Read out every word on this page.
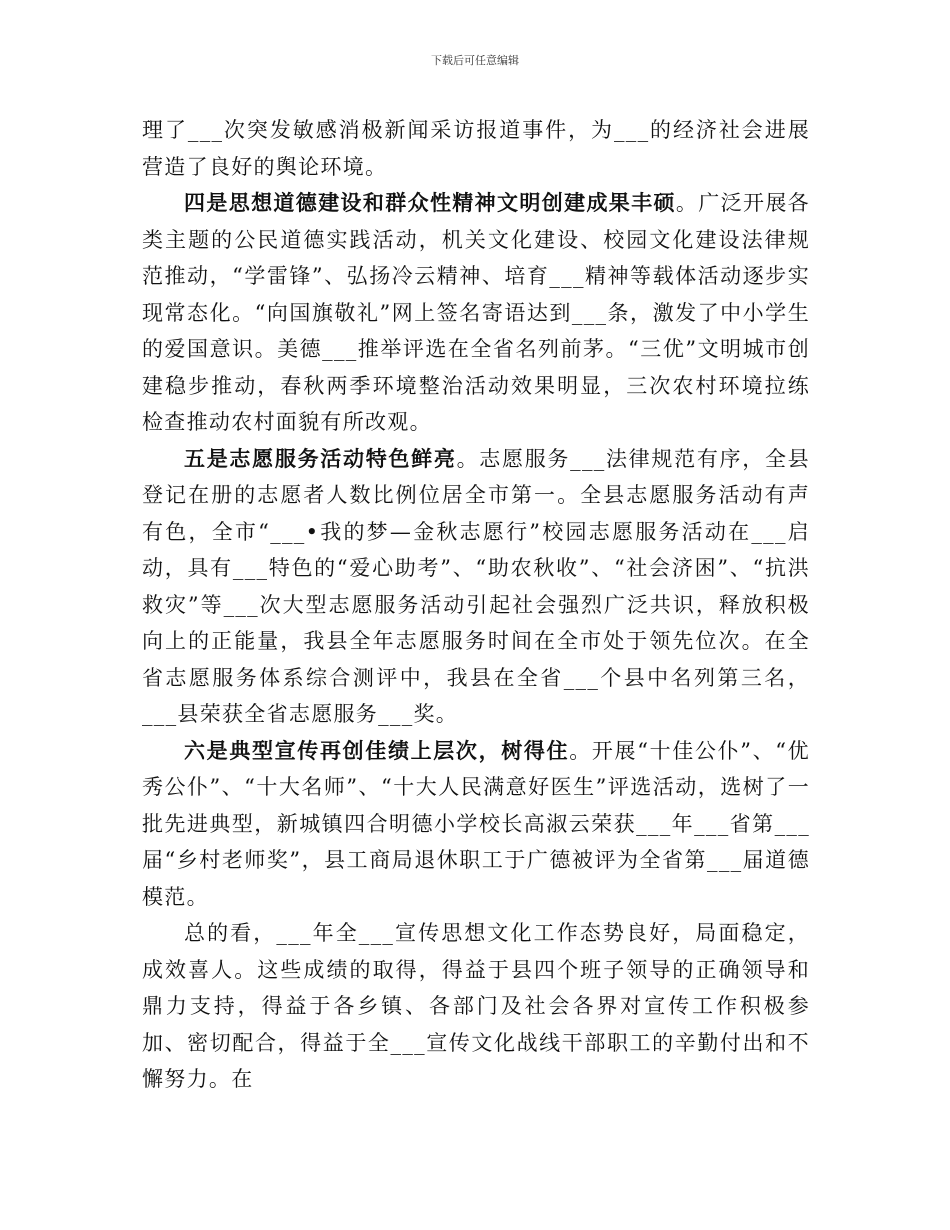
下载后可任意编辑

理了___次突发敏感消极新闻采访报道事件，为___的经济社会进展营造了良好的舆论环境。

四是思想道德建设和群众性精神文明创建成果丰硕。广泛开展各类主题的公民道德实践活动，机关文化建设、校园文化建设法律规范推动，“学雷锋”、弘扬冷云精神、培育___精神等载体活动逐步实现常态化。“向国旗敬礼”网上签名寄语达到___条，激发了中小学生的爱国意识。美德___推举评选在全省名列前茅。“三优”文明城市创建稳步推动，春秋两季环境整治活动效果明显，三次农村环境拉练检查推动农村面貌有所改观。

五是志愿服务活动特色鲜亮。志愿服务___法律规范有序，全县登记在册的志愿者人数比例位居全市第一。全县志愿服务活动有声有色，全市“___•我的梦—金秋志愿行”校园志愿服务活动在___启动，具有___特色的“爱心助考”、“助农秋收”、“社会济困”、“抗洪救灾”等___次大型志愿服务活动引起社会强烈广泛共识，释放积极向上的正能量，我县全年志愿服务时间在全市处于领先位次。在全省志愿服务体系综合测评中，我县在全省___个县中名列第三名，___县荣获全省志愿服务___奖。

六是典型宣传再创佳绩上层次，树得住。开展“十佳公仆”、“优秀公仆”、“十大名师”、“十大人民满意好医生”评选活动，选树了一批先进典型，新城镇四合明德小学校长高淑云荣获___年___省第___届“乡村老师奖”，县工商局退休职工于广德被评为全省第___届道德模范。

总的看，___年全___宣传思想文化工作态势良好，局面稳定，成效喜人。这些成绩的取得，得益于县四个班子领导的正确领导和鼎力支持，得益于各乡镇、各部门及社会各界对宣传工作积极参加、密切配合，得益于全___宣传文化战线干部职工的辛勤付出和不懈努力。在
